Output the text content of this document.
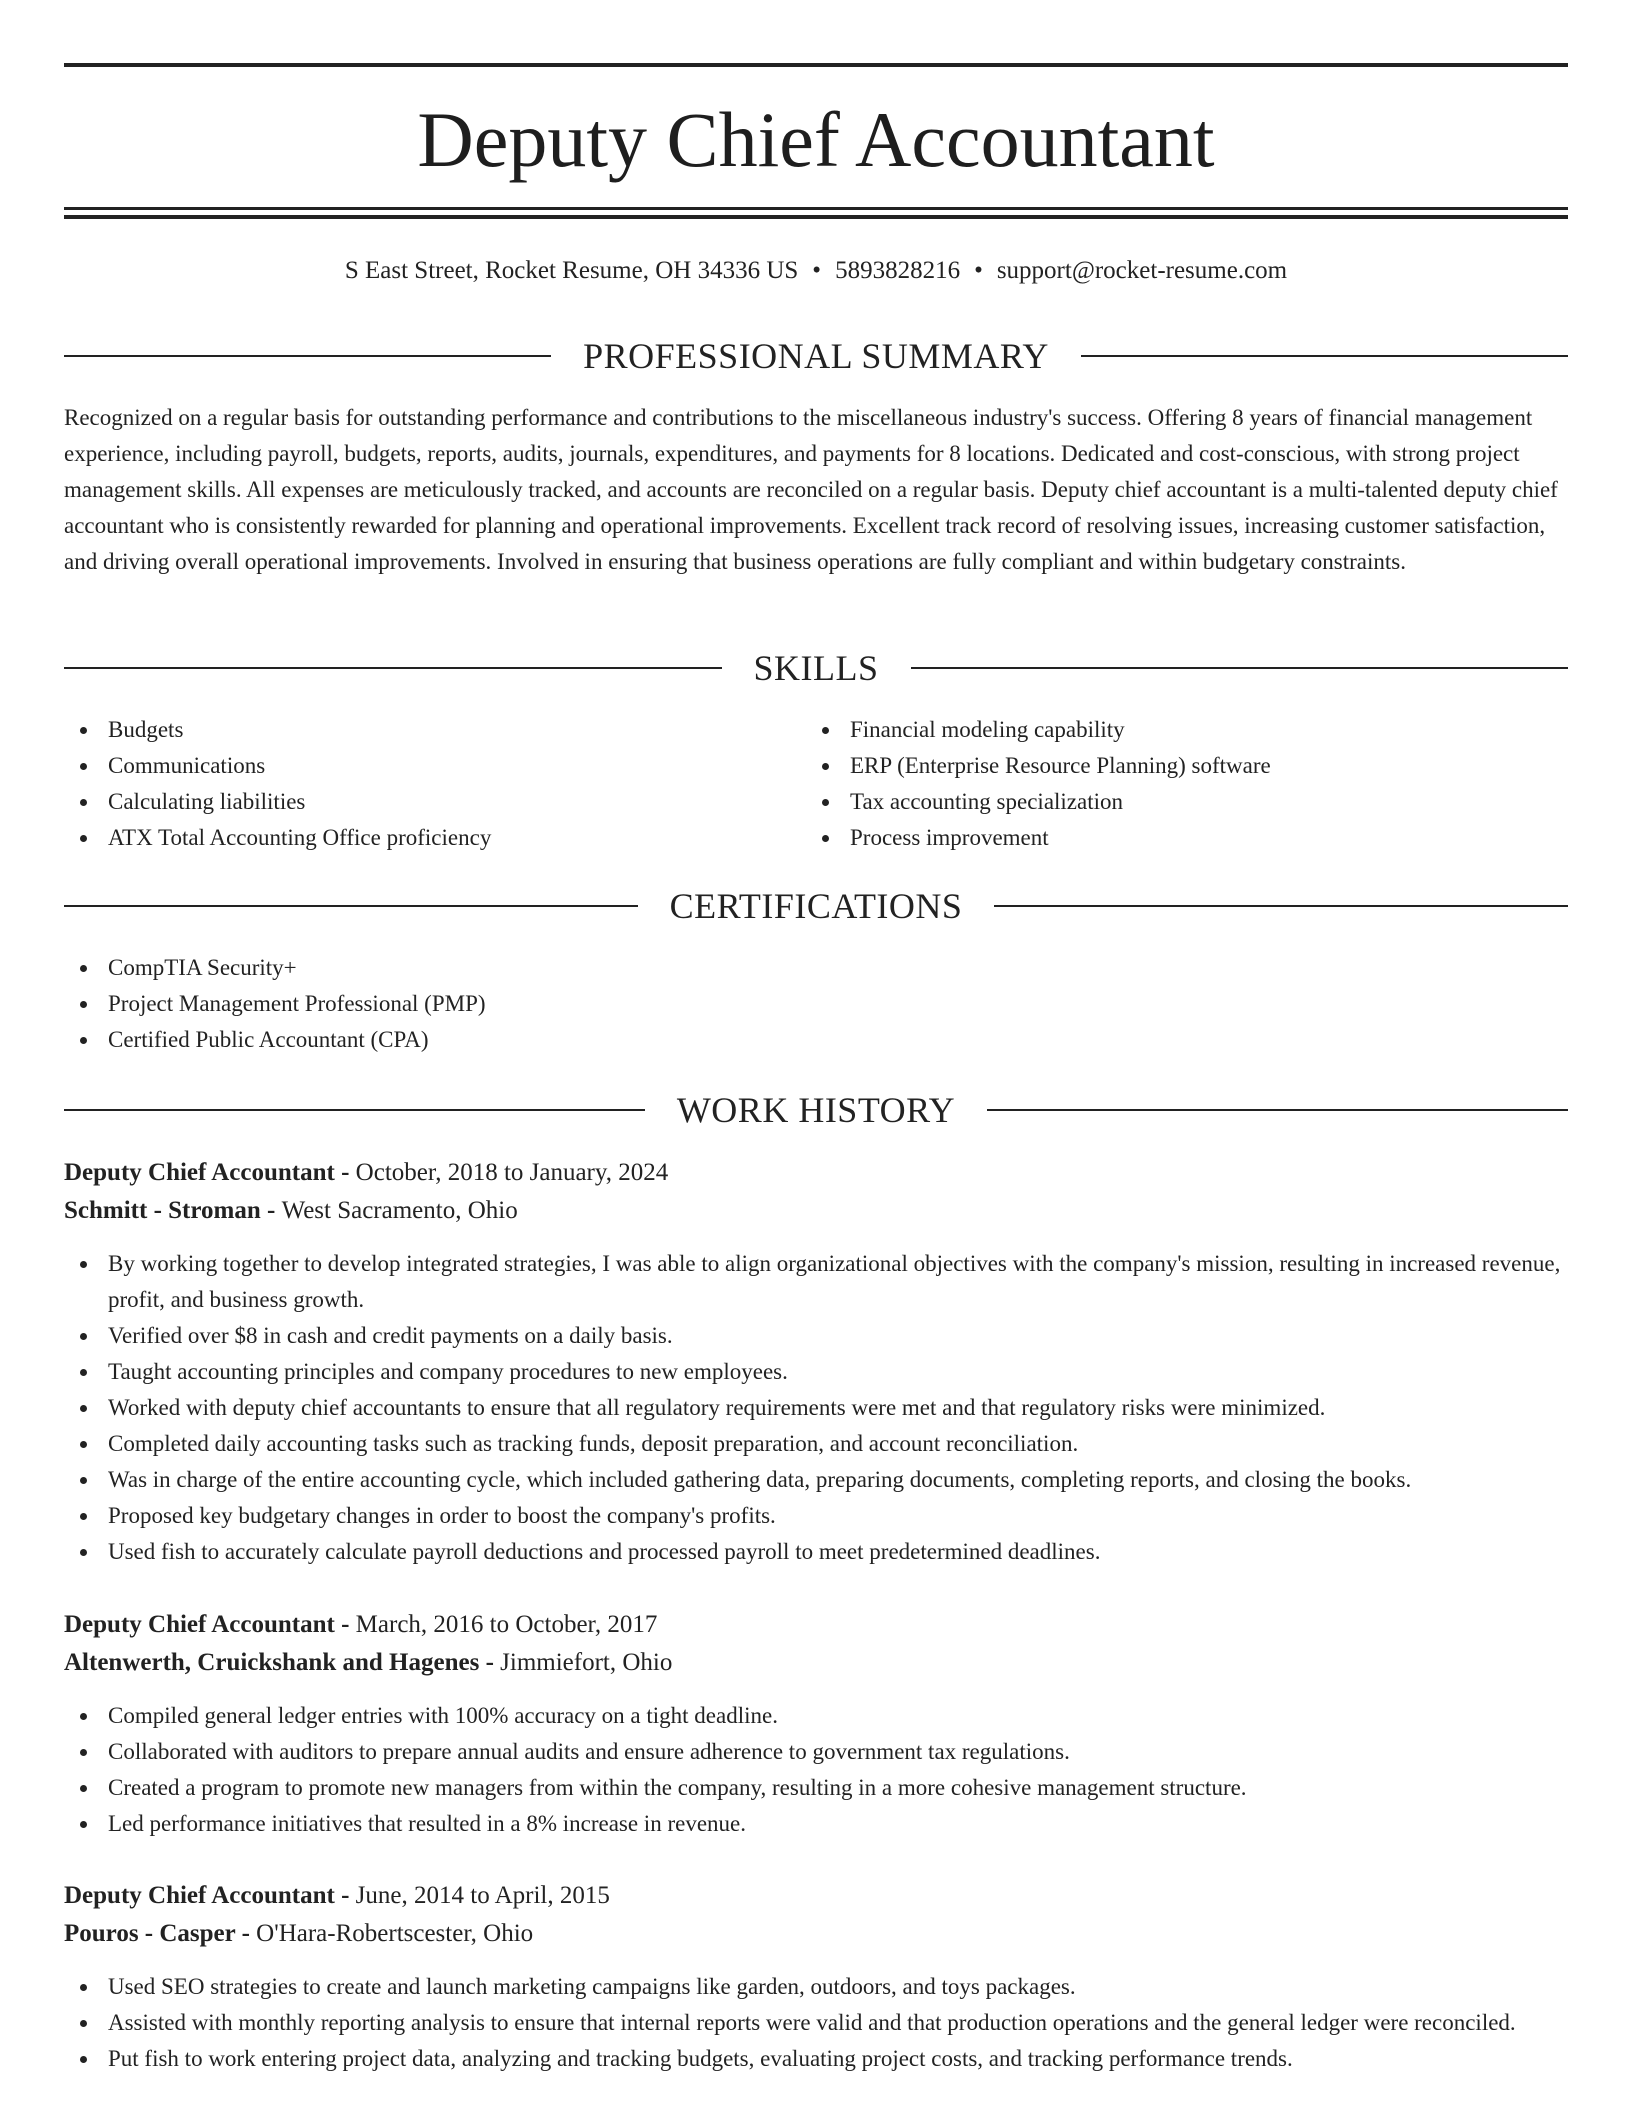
Deputy Chief Accountant
S East Street, Rocket Resume, OH 34336 US • 5893828216 • support@rocket-resume.com
PROFESSIONAL SUMMARY

Recognized on a regular basis for outstanding performance and contributions to the miscellaneous industry's success. Offering 8 years of financial management experience, including payroll, budgets, reports, audits, journals, expenditures, and payments for 8 locations. Dedicated and cost-conscious, with strong project management skills. All expenses are meticulously tracked, and accounts are reconciled on a regular basis. Deputy chief accountant is a multi-talented deputy chief accountant who is consistently rewarded for planning and operational improvements. Excellent track record of resolving issues, increasing customer satisfaction, and driving overall operational improvements. Involved in ensuring that business operations are fully compliant and within budgetary constraints.

SKILLS
Budgets
Communications
Calculating liabilities
ATX Total Accounting Office proficiency
Financial modeling capability
ERP (Enterprise Resource Planning) software
Tax accounting specialization
Process improvement
CERTIFICATIONS
CompTIA Security+
Project Management Professional (PMP)
Certified Public Accountant (CPA)
WORK HISTORY
Deputy Chief Accountant - October, 2018 to January, 2024
Schmitt - Stroman - West Sacramento, Ohio
By working together to develop integrated strategies, I was able to align organizational objectives with the company's mission, resulting in increased revenue, profit, and business growth.
Verified over $8 in cash and credit payments on a daily basis.
Taught accounting principles and company procedures to new employees.
Worked with deputy chief accountants to ensure that all regulatory requirements were met and that regulatory risks were minimized.
Completed daily accounting tasks such as tracking funds, deposit preparation, and account reconciliation.
Was in charge of the entire accounting cycle, which included gathering data, preparing documents, completing reports, and closing the books.
Proposed key budgetary changes in order to boost the company's profits.
Used fish to accurately calculate payroll deductions and processed payroll to meet predetermined deadlines.
Deputy Chief Accountant - March, 2016 to October, 2017
Altenwerth, Cruickshank and Hagenes - Jimmiefort, Ohio
Compiled general ledger entries with 100% accuracy on a tight deadline.
Collaborated with auditors to prepare annual audits and ensure adherence to government tax regulations.
Created a program to promote new managers from within the company, resulting in a more cohesive management structure.
Led performance initiatives that resulted in a 8% increase in revenue.
Deputy Chief Accountant - June, 2014 to April, 2015
Pouros - Casper - O'Hara-Robertscester, Ohio
Used SEO strategies to create and launch marketing campaigns like garden, outdoors, and toys packages.
Assisted with monthly reporting analysis to ensure that internal reports were valid and that production operations and the general ledger were reconciled.
Put fish to work entering project data, analyzing and tracking budgets, evaluating project costs, and tracking performance trends.
